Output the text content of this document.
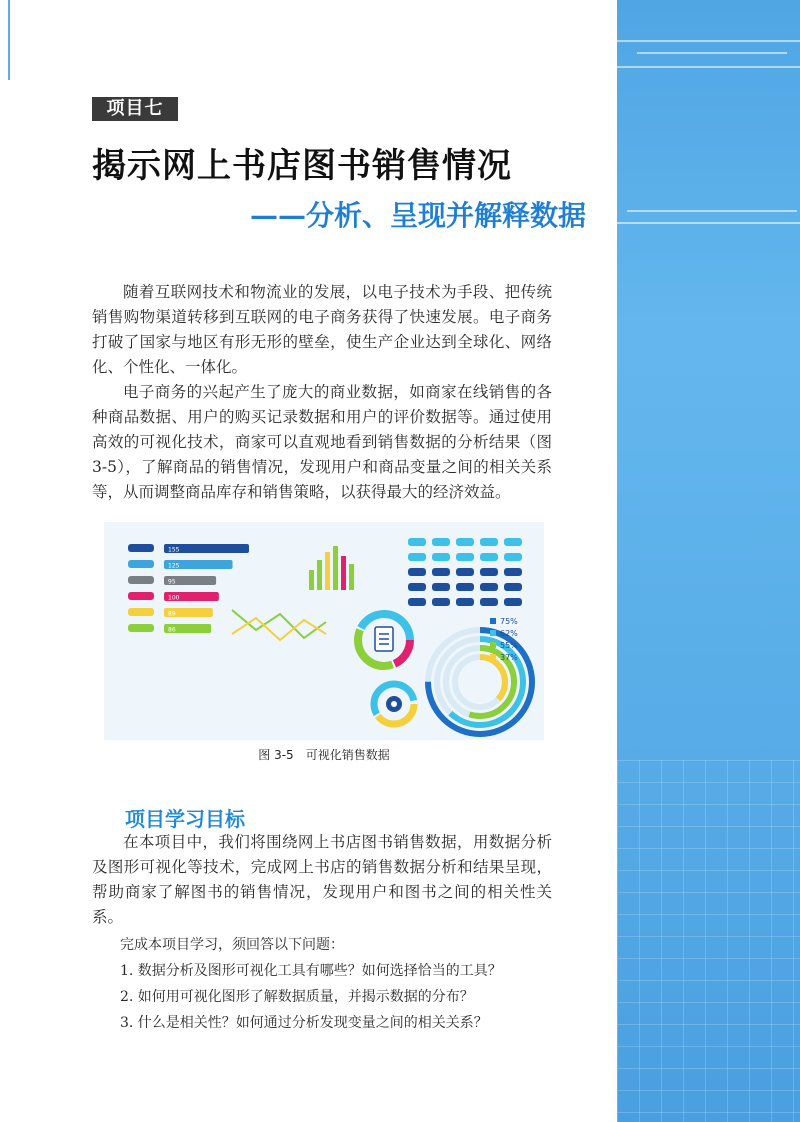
项目七
揭示网上书店图书销售情况
——分析、呈现并解释数据

随着互联网技术和物流业的发展，以电子技术为手段、把传统销售购物渠道转移到互联网的电子商务获得了快速发展。电子商务打破了国家与地区有形无形的壁垒，使生产企业达到全球化、网络化、个性化、一体化。

电子商务的兴起产生了庞大的商业数据，如商家在线销售的各种商品数据、用户的购买记录数据和用户的评价数据等。通过使用高效的可视化技术，商家可以直观地看到销售数据的分析结果（图3-5），了解商品的销售情况，发现用户和商品变量之间的相关关系等，从而调整商品库存和销售策略，以获得最大的经济效益。

155
125
95
100
89
86
75%
62%
55%
37%
图 3-5　可视化销售数据
项目学习目标

在本项目中，我们将围绕网上书店图书销售数据，用数据分析及图形可视化等技术，完成网上书店的销售数据分析和结果呈现，帮助商家了解图书的销售情况，发现用户和图书之间的相关性关系。

完成本项目学习，须回答以下问题：
1. 数据分析及图形可视化工具有哪些？如何选择恰当的工具？
2. 如何用可视化图形了解数据质量，并揭示数据的分布？
3. 什么是相关性？如何通过分析发现变量之间的相关关系？
